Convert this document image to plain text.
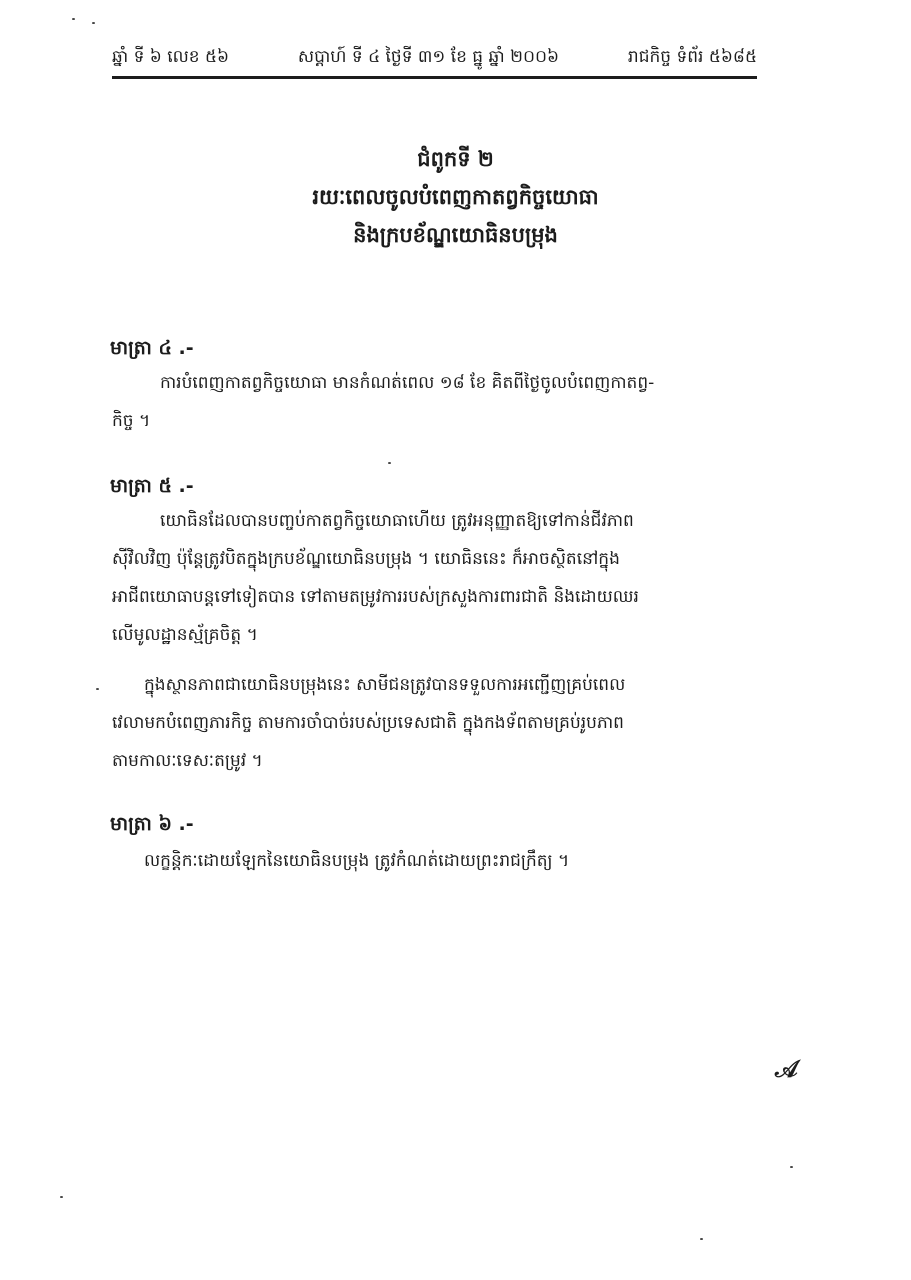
ឆ្នាំ ទី ៦ លេខ ៥៦	សប្ដាហ៍ ទី ៤ ថ្ងៃទី ៣១ ខែ ធ្នូ ឆ្នាំ ២០០៦	រាជកិច្ច ទំព័រ ៥៦៨៥
ជំពូកទី ២
រយៈពេលចូលបំពេញកាតព្វកិច្ចយោធា
និងក្របខ័ណ្ឌយោធិនបម្រុង
មាត្រា ៤ .-
ការបំពេញកាតព្វកិច្ចយោធា មានកំណត់ពេល ១៨ ខែ គិតពីថ្ងៃចូលបំពេញកាតព្វ-
កិច្ច ។
មាត្រា ៥ .-
យោធិនដែលបានបញ្ចប់កាតព្វកិច្ចយោធាហើយ ត្រូវអនុញ្ញាតឱ្យទៅកាន់ជីវភាព
ស៊ីវិលវិញ ប៉ុន្តែត្រូវបិតក្នុងក្របខ័ណ្ឌយោធិនបម្រុង ។ យោធិននេះ ក៏អាចស្ថិតនៅក្នុង
អាជីពយោធាបន្តទៅទៀតបាន ទៅតាមតម្រូវការរបស់ក្រសួងការពារជាតិ និងដោយឈរ
លើមូលដ្ឋានស្ម័គ្រចិត្ត ។
ក្នុងស្ថានភាពជាយោធិនបម្រុងនេះ សាមីជនត្រូវបានទទួលការអញ្ជើញគ្រប់ពេល
វេលាមកបំពេញភារកិច្ច តាមការចាំបាច់របស់ប្រទេសជាតិ ក្នុងកងទ័ពតាមគ្រប់រូបភាព
តាមកាលៈទេសៈតម្រូវ ។
មាត្រា ៦ .-
លក្ខន្តិកៈដោយឡែកនៃយោធិនបម្រុង ត្រូវកំណត់ដោយព្រះរាជក្រឹត្យ ។
𝒜
